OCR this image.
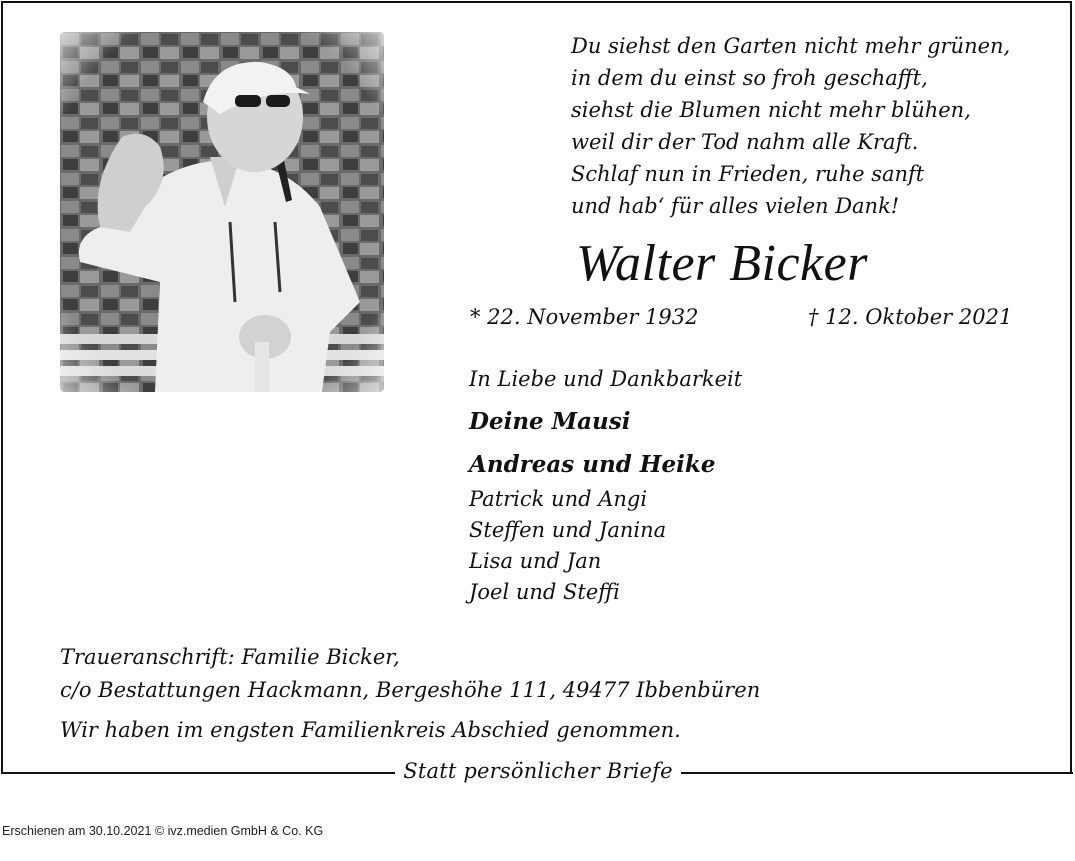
Statt persönlicher Briefe
Du siehst den Garten nicht mehr grünen,
in dem du einst so froh geschafft,
siehst die Blumen nicht mehr blühen,
weil dir der Tod nahm alle Kraft.
Schlaf nun in Frieden, ruhe sanft
und hab‘ für alles vielen Dank!
Walter Bicker
* 22. November 1932	† 12. Oktober 2021
In Liebe und Dankbarkeit
Deine Mausi
Andreas und Heike
Patrick und Angi
Steffen und Janina
Lisa und Jan
Joel und Steffi
Traueranschrift: Familie Bicker,
c/o Bestattungen Hackmann, Bergeshöhe 111, 49477 Ibbenbüren
Wir haben im engsten Familienkreis Abschied genommen.
Erschienen am 30.10.2021 © ivz.medien GmbH & Co. KG
